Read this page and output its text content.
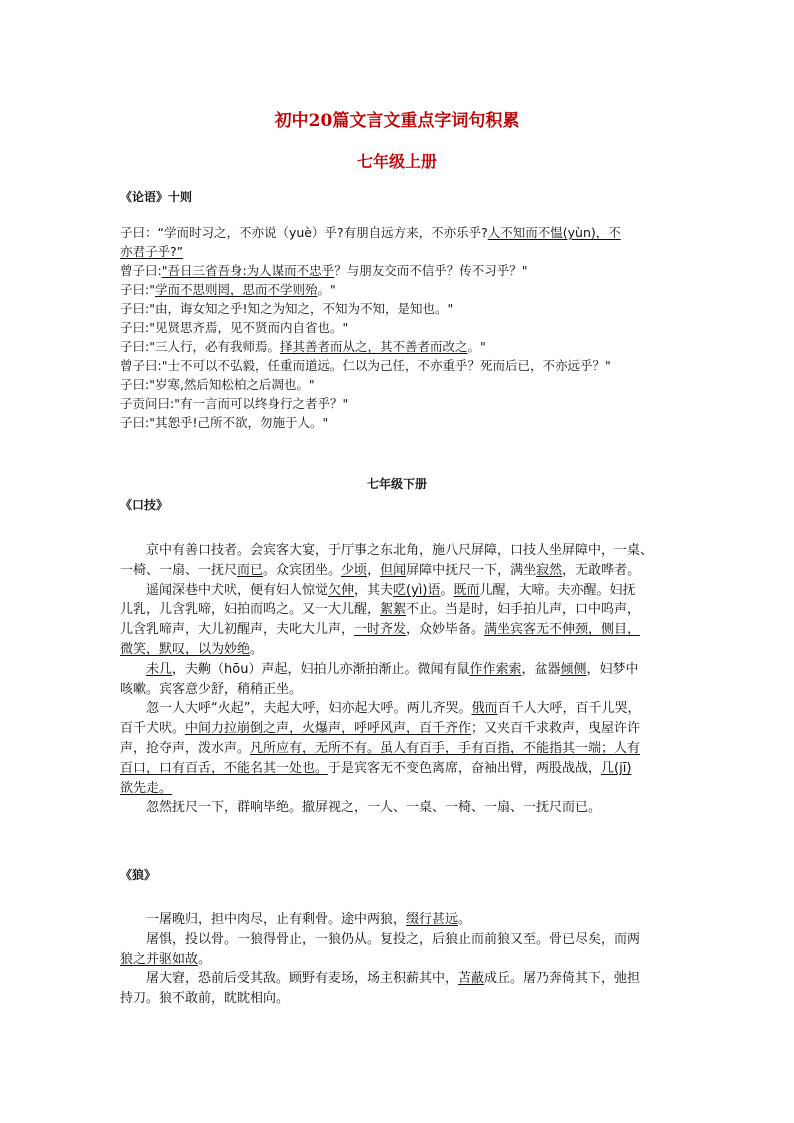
初中20篇文言文重点字词句积累
七年级上册
《论语》十则
子曰：“学而时习之，不亦说（yuè）乎?有朋自远方来，不亦乐乎?人不知而不愠(yùn)，不
亦君子乎?”
曾子曰:"吾日三省吾身:为人谋而不忠乎？与朋友交而不信乎？传不习乎？"
子曰:"学而不思则罔，思而不学则殆。"
子曰:"由，诲女知之乎!知之为知之，不知为不知，是知也。"
子曰:"见贤思齐焉，见不贤而内自省也。"
子曰:"三人行，必有我师焉。择其善者而从之，其不善者而改之。"
曾子曰:"士不可以不弘毅，任重而道远。仁以为己任，不亦重乎？死而后已，不亦远乎？"
子曰:"岁寒,然后知松柏之后凋也。"
子贡问曰:"有一言而可以终身行之者乎？"
子曰:"其恕乎!己所不欲，勿施于人。"
七年级下册
《口技》
　　京中有善口技者。会宾客大宴，于厅事之东北角，施八尺屏障，口技人坐屏障中，一桌、
一椅、一扇、一抚尺而已。众宾团坐。少顷，但闻屏障中抚尺一下，满坐寂然，无敢哗者。
　　遥闻深巷中犬吠，便有妇人惊觉欠伸，其夫呓(yì)语。既而儿醒，大啼。夫亦醒。妇抚
儿乳，儿含乳啼，妇拍而呜之。又一大儿醒，絮絮不止。当是时，妇手拍儿声，口中呜声，
儿含乳啼声，大儿初醒声，夫叱大儿声，一时齐发，众妙毕备。满坐宾客无不伸颈，侧目，
微笑，默叹，以为妙绝。
　　未几，夫齁（hōu）声起，妇拍儿亦渐拍渐止。微闻有鼠作作索索，盆器倾侧，妇梦中
咳嗽。宾客意少舒，稍稍正坐。
　　忽一人大呼“火起”，夫起大呼，妇亦起大呼。两儿齐哭。俄而百千人大呼，百千儿哭，
百千犬吠。中间力拉崩倒之声，火爆声，呼呼风声，百千齐作；又夹百千求救声，曳屋许许
声，抢夺声，泼水声。凡所应有，无所不有。虽人有百手，手有百指，不能指其一端；人有
百口，口有百舌，不能名其一处也。于是宾客无不变色离席，奋袖出臂，两股战战，几(jī)
欲先走。
　　忽然抚尺一下，群响毕绝。撤屏视之，一人、一桌、一椅、一扇、一抚尺而已。
《狼》
　　一屠晚归，担中肉尽，止有剩骨。途中两狼，缀行甚远。
　　屠惧，投以骨。一狼得骨止，一狼仍从。复投之，后狼止而前狼又至。骨已尽矣，而两
狼之并驱如故。
　　屠大窘，恐前后受其敌。顾野有麦场，场主积薪其中，苫蔽成丘。屠乃奔倚其下，弛担
持刀。狼不敢前，眈眈相向。
